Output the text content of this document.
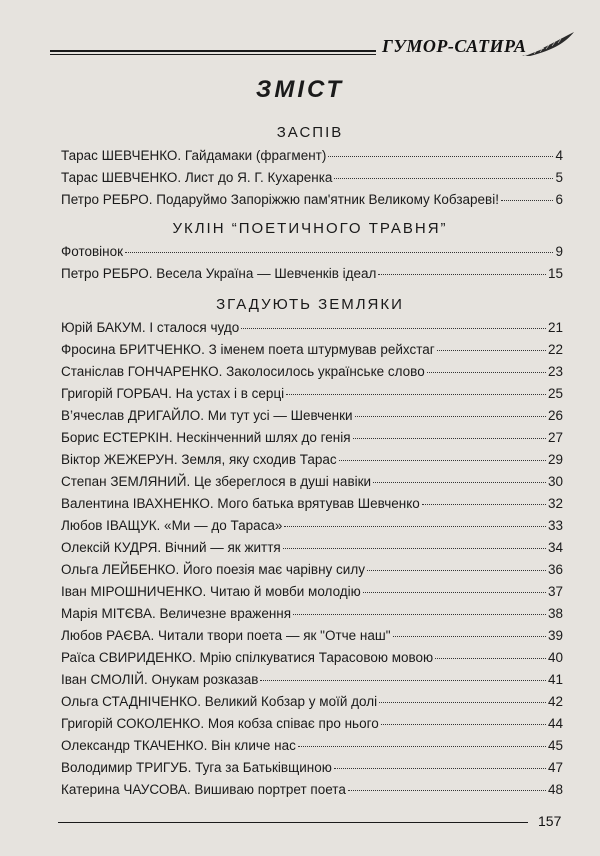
ГУМОР-САТИРА
ЗМІСТ
ЗАСПІВ
Тарас ШЕВЧЕНКО. Гайдамаки (фрагмент)	4
Тарас ШЕВЧЕНКО. Лист до Я. Г. Кухаренка	5
Петро РЕБРО. Подаруймо Запоріжжю пам'ятник Великому Кобзареві!	6
УКЛІН “ПОЕТИЧНОГО ТРАВНЯ”
Фотовінок	9
Петро РЕБРО. Весела Україна — Шевченків ідеал	15
ЗГАДУЮТЬ ЗЕМЛЯКИ
Юрій БАКУМ. І сталося чудо	21
Фросина БРИТЧЕНКО. З іменем поета штурмував рейхстаг	22
Станіслав ГОНЧАРЕНКО. Заколосилось українське слово	23
Григорій ГОРБАЧ. На устах і в серці	25
В’ячеслав ДРИГАЙЛО. Ми тут усі — Шевченки	26
Борис ЕСТЕРКІН. Нескінченний шлях до генія	27
Віктор ЖЕЖЕРУН. Земля, яку сходив Тарас	29
Степан ЗЕМЛЯНИЙ. Це збереглося в душі навіки	30
Валентина ІВАХНЕНКО. Мого батька врятував Шевченко	32
Любов ІВАЩУК. «Ми — до Тараса»	33
Олексій КУДРЯ. Вічний — як життя	34
Ольга ЛЕЙБЕНКО. Його поезія має чарівну силу	36
Іван МІРОШНИЧЕНКО. Читаю й мовби молодію	37
Марія МІТЄВА. Величезне враження	38
Любов РАЄВА. Читали твори поета — як "Отче наш"	39
Раїса СВИРИДЕНКО. Мрію спілкуватися Тарасовою мовою	40
Іван СМОЛІЙ. Онукам розказав	41
Ольга СТАДНІЧЕНКО. Великий Кобзар у моїй долі	42
Григорій СОКОЛЕНКО. Моя кобза співає про нього	44
Олександр ТКАЧЕНКО. Він кличе нас	45
Володимир ТРИГУБ. Туга за Батьківщиною	47
Катерина ЧАУСОВА. Вишиваю портрет поета	48
157
